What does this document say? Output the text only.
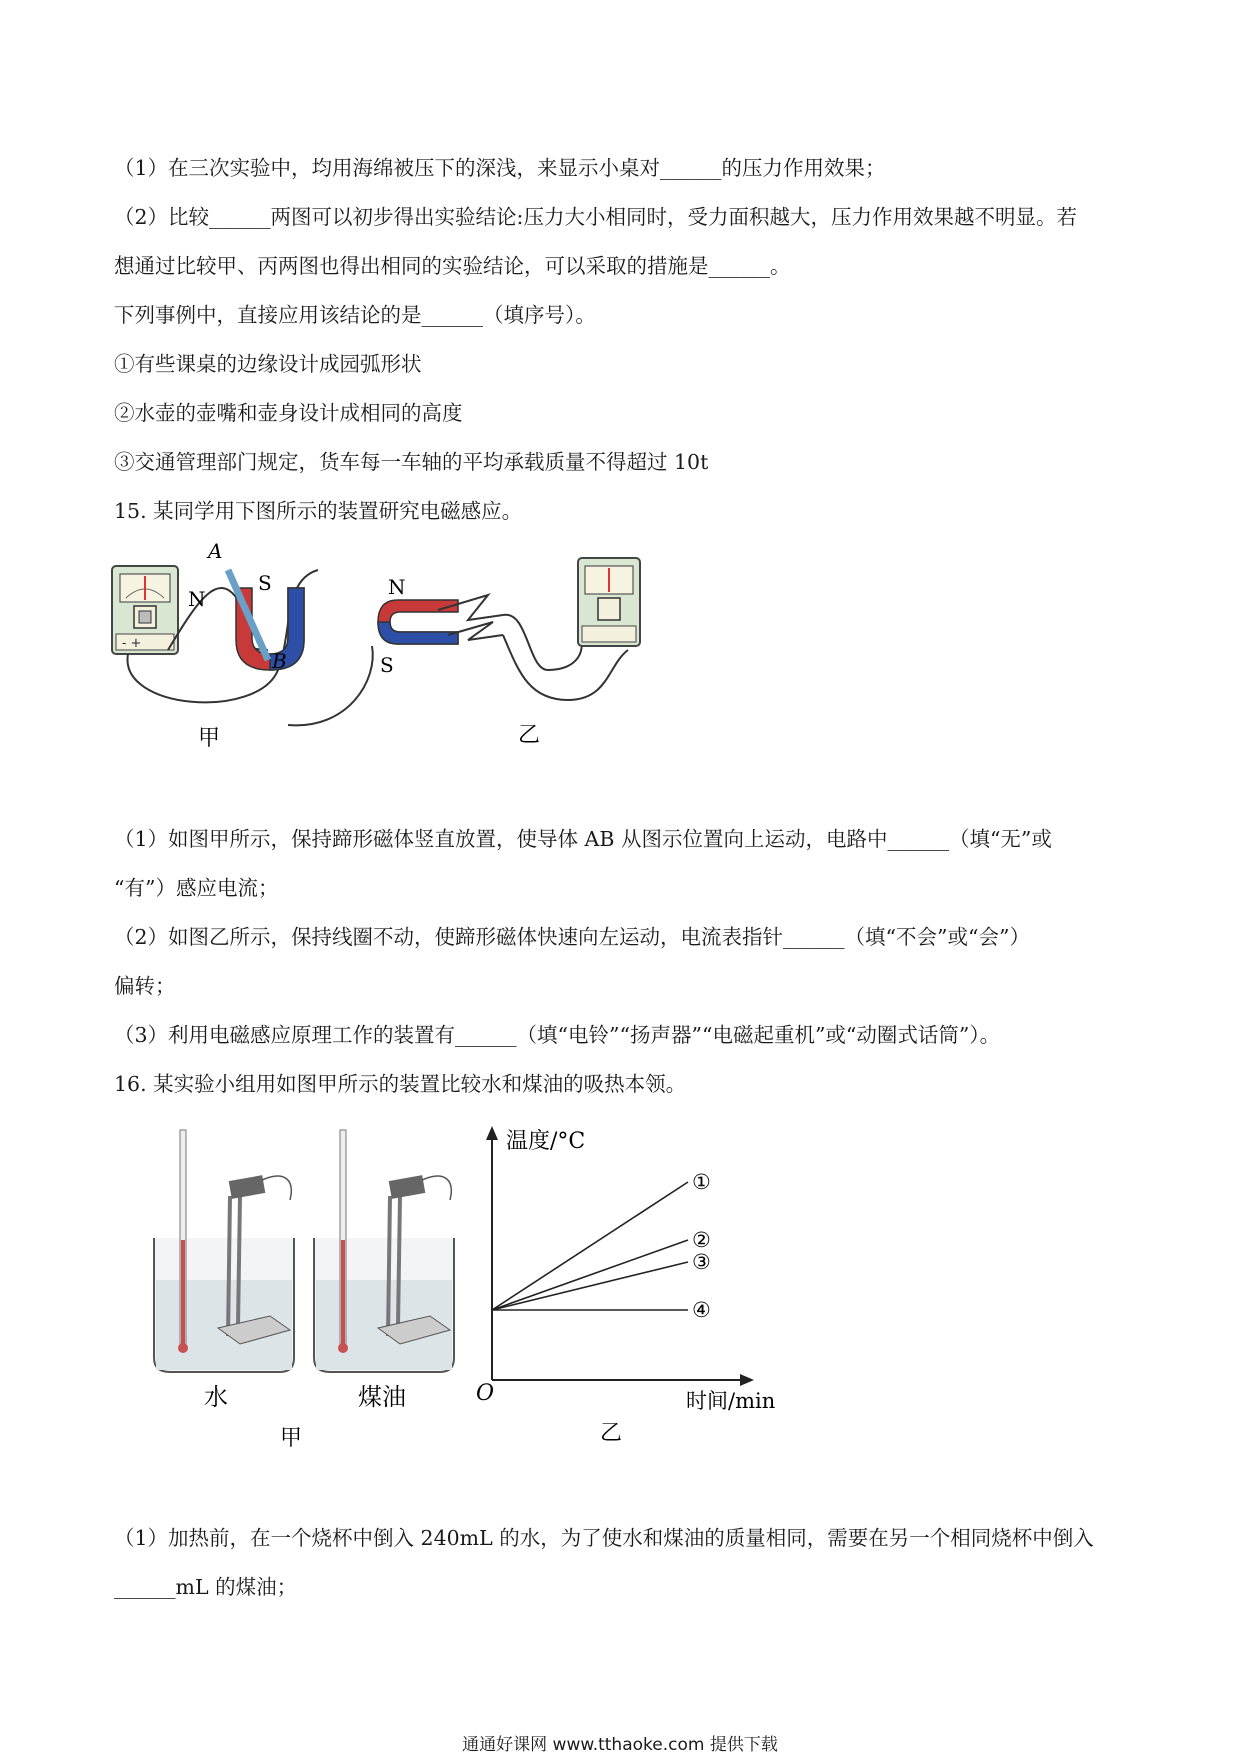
（1）在三次实验中，均用海绵被压下的深浅，来显示小桌对______的压力作用效果；
（2）比较______两图可以初步得出实验结论:压力大小相同时，受力面积越大，压力作用效果越不明显。若
想通过比较甲、丙两图也得出相同的实验结论，可以采取的措施是______。
下列事例中，直接应用该结论的是______（填序号）。
①有些课桌的边缘设计成园弧形状
②水壶的壶嘴和壶身设计成相同的高度
③交通管理部门规定，货车每一车轴的平均承载质量不得超过 10t
15. 某同学用下图所示的装置研究电磁感应。
- +
A
B
N
S
甲
N
S
乙
（1）如图甲所示，保持蹄形磁体竖直放置，使导体 AB 从图示位置向上运动，电路中______（填“无”或
“有”）感应电流；
（2）如图乙所示，保持线圈不动，使蹄形磁体快速向左运动，电流表指针______（填“不会”或“会”）
偏转；
（3）利用电磁感应原理工作的装置有______（填“电铃”“扬声器”“电磁起重机”或“动圈式话筒”）。
16. 某实验小组用如图甲所示的装置比较水和煤油的吸热本领。
水	煤油
甲
温度/°C
时间/min
O
①
②
③
④
乙
（1）加热前，在一个烧杯中倒入 240mL 的水，为了使水和煤油的质量相同，需要在另一个相同烧杯中倒入
______mL 的煤油；
通通好课网 www.tthaoke.com 提供下载
